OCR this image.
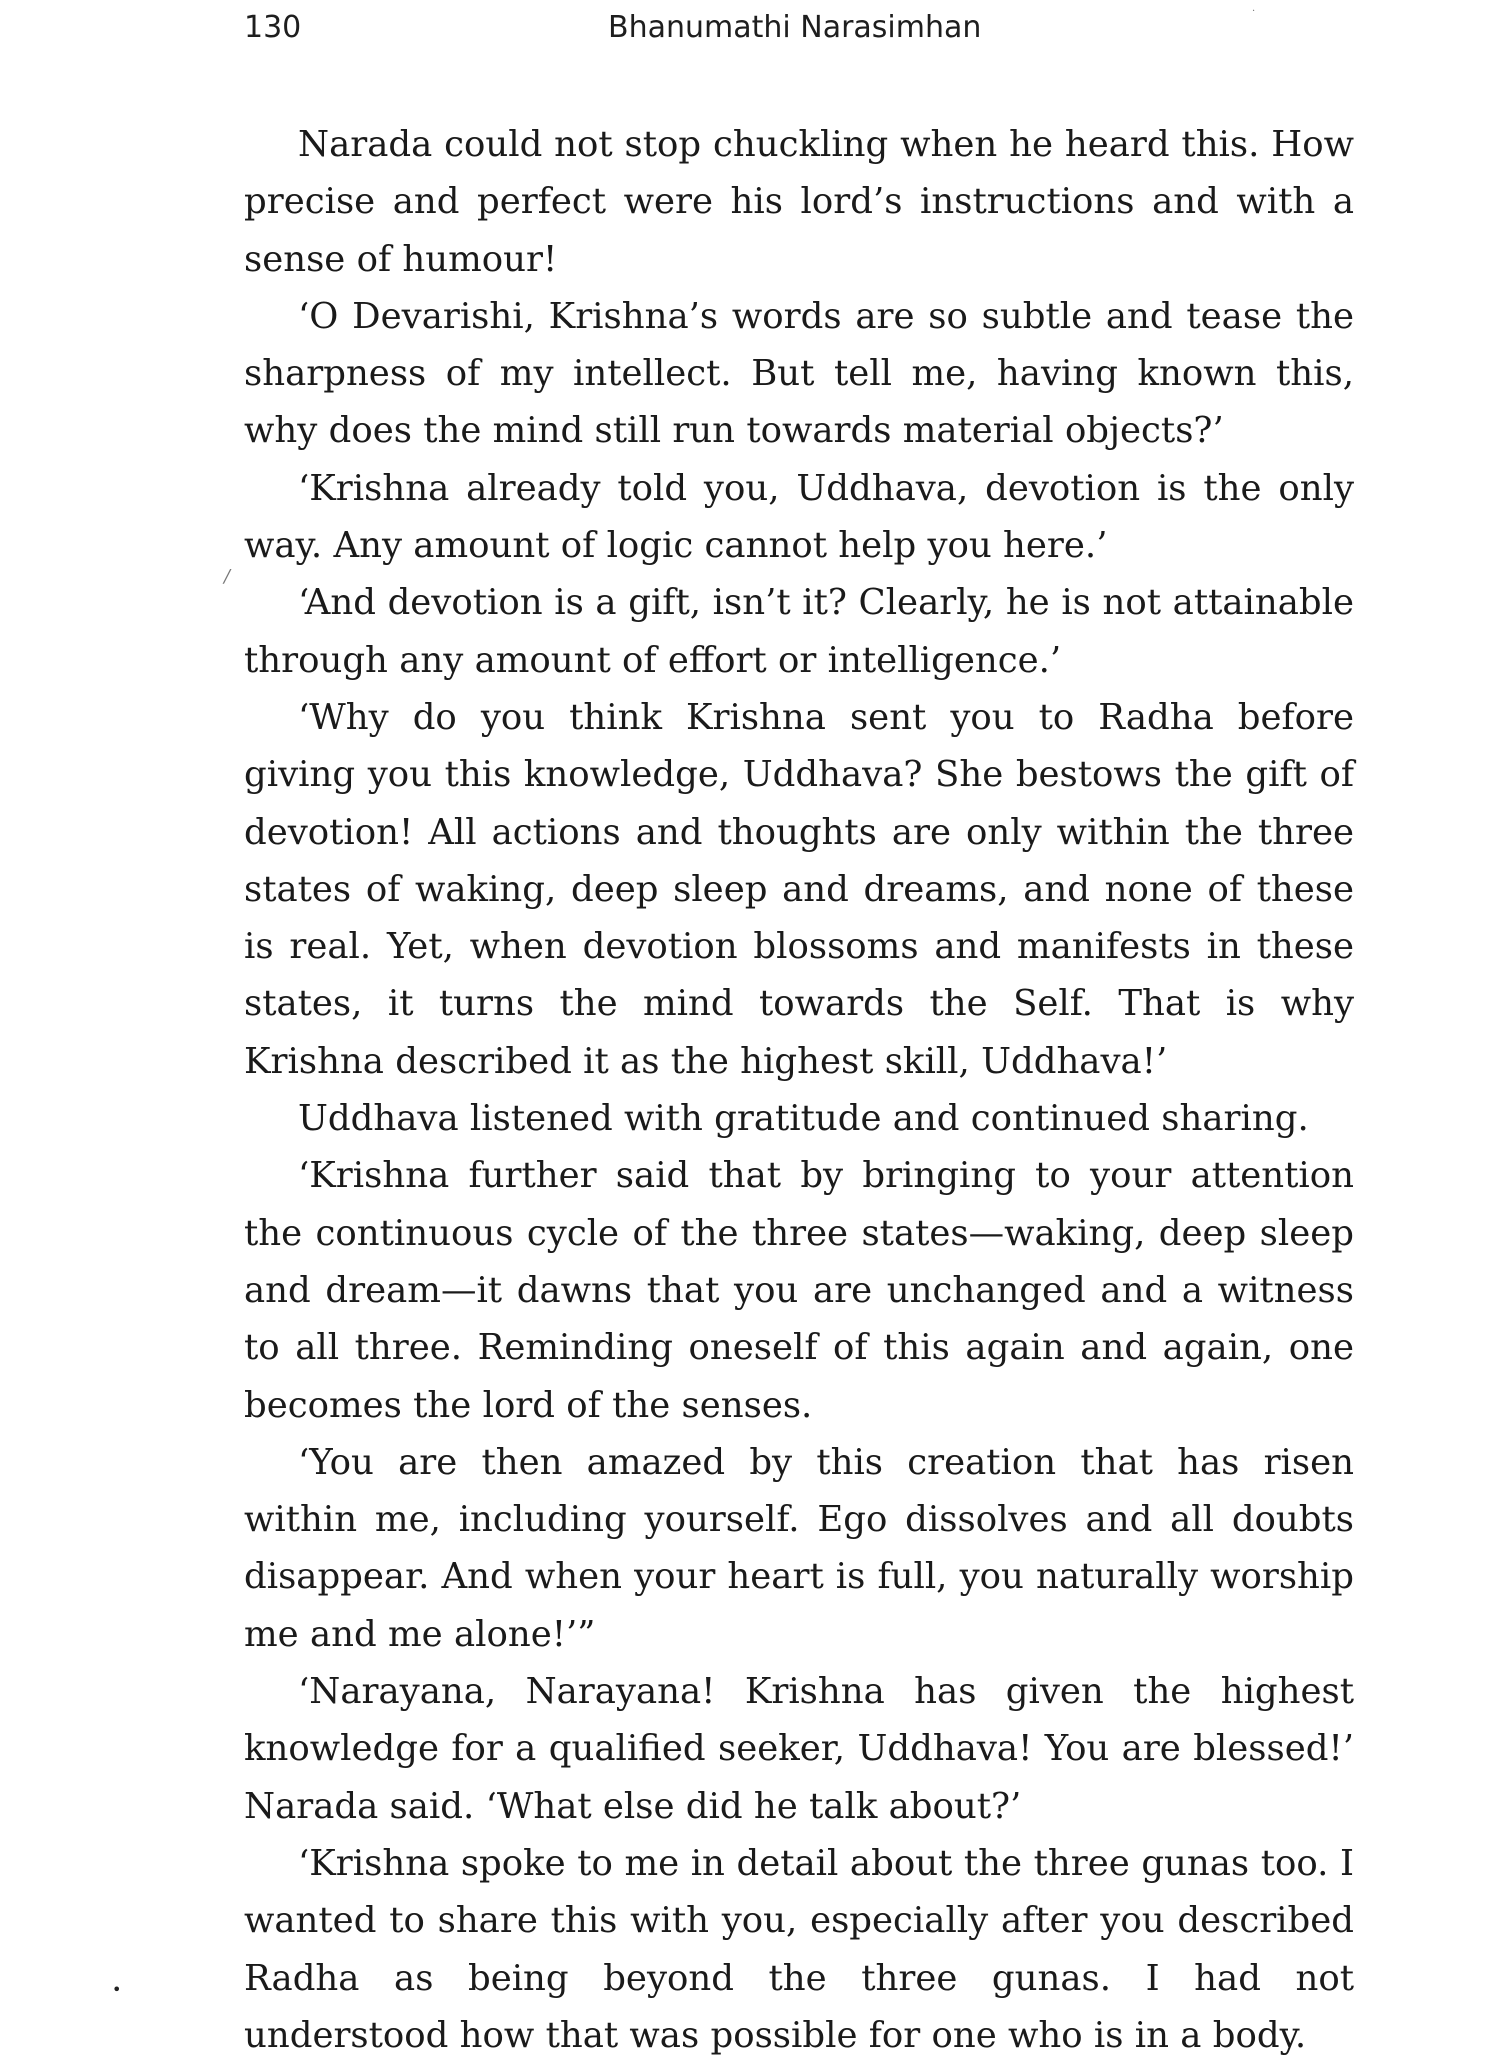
130	Bhanumathi Narasimhan

Narada could not stop chuckling when he heard this. How precise and perfect were his lord’s instructions and with a sense of humour!

‘O Devarishi, Krishna’s words are so subtle and tease the sharpness of my intellect. But tell me, having known this, why does the mind still run towards material objects?’

‘Krishna already told you, Uddhava, devotion is the only way. Any amount of logic cannot help you here.’

‘And devotion is a gift, isn’t it? Clearly, he is not attainable through any amount of effort or intelligence.’

‘Why do you think Krishna sent you to Radha before giving you this knowledge, Uddhava? She bestows the gift of devotion! All actions and thoughts are only within the three states of waking, deep sleep and dreams, and none of these is real. Yet, when devotion blossoms and manifests in these states, it turns the mind towards the Self. That is why Krishna described it as the highest skill, Uddhava!’

Uddhava listened with gratitude and continued sharing.

‘Krishna further said that by bringing to your attention the continuous cycle of the three states—waking, deep sleep and dream—it dawns that you are unchanged and a witness to all three. Reminding oneself of this again and again, one becomes the lord of the senses.

‘You are then amazed by this creation that has risen within me, including yourself. Ego dissolves and all doubts disappear. And when your heart is full, you naturally worship me and me alone!’”

‘Narayana, Narayana! Krishna has given the highest knowledge for a qualified seeker, Uddhava! You are blessed!’ Narada said. ‘What else did he talk about?’

‘Krishna spoke to me in detail about the three gunas too. I wanted to share this with you, especially after you described Radha as being beyond the three gunas. I had not understood how that was possible for one who is in a body.

/
•
·
